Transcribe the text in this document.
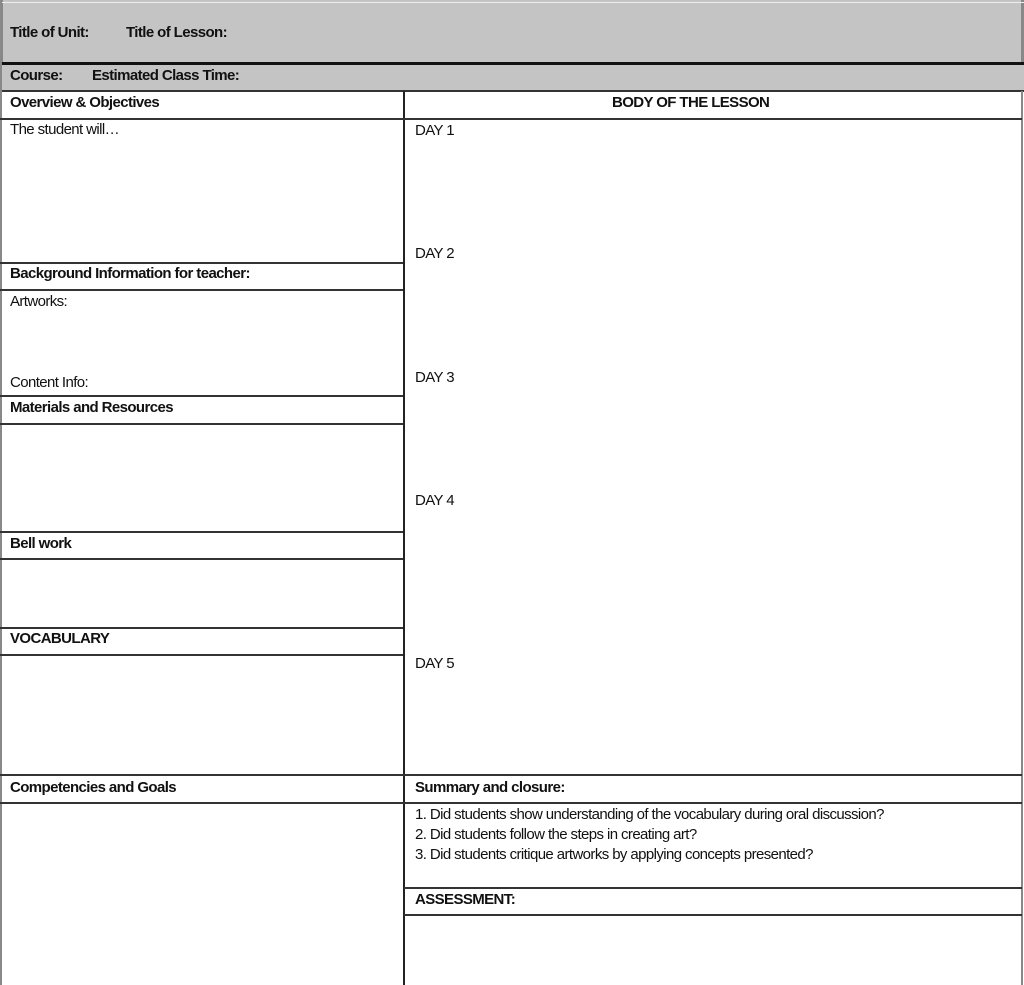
Title of Unit: Title of Lesson:
Course: Estimated Class Time:
Overview & Objectives
The student will…
Background Information for teacher:
Artworks:
Content Info:
Materials and Resources
Bell work
VOCABULARY
Competencies and Goals
BODY OF THE LESSON
DAY 1
DAY 2
DAY 3
DAY 4
DAY 5
Summary and closure:
1. Did students show understanding of the vocabulary during oral discussion?
2. Did students follow the steps in creating art?
3. Did students critique artworks by applying concepts presented?
ASSESSMENT:
